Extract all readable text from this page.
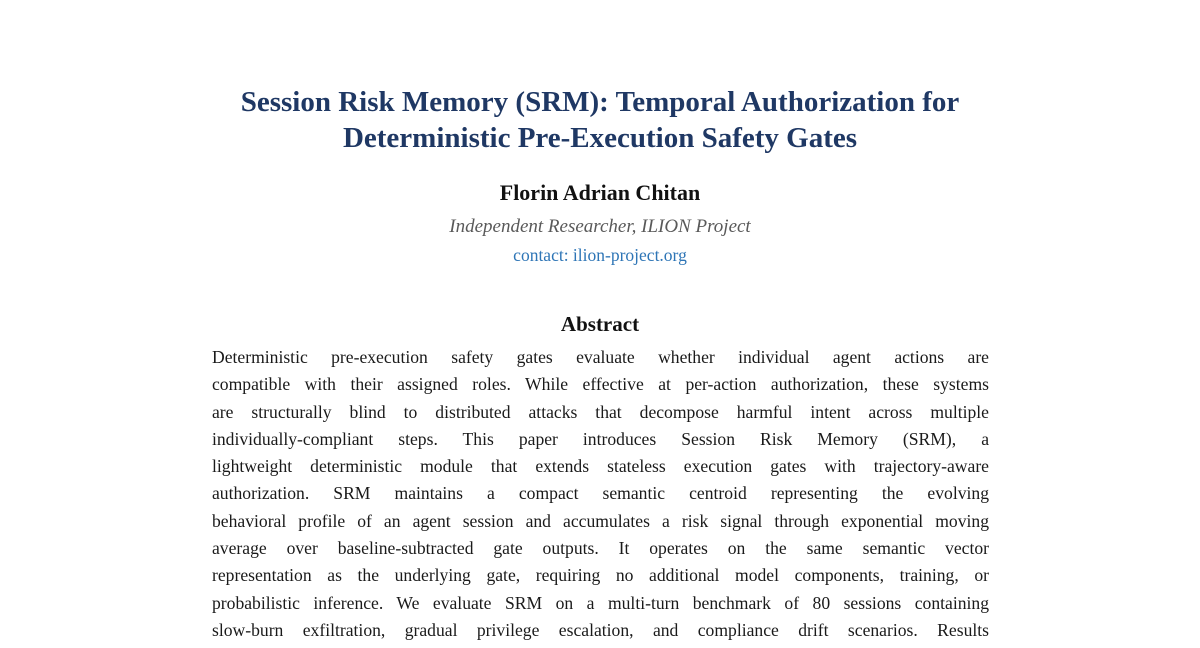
Session Risk Memory (SRM): Temporal Authorization for
Deterministic Pre-Execution Safety Gates
Florin Adrian Chitan
Independent Researcher, ILION Project
contact: ilion-project.org
Abstract
Deterministic pre-execution safety gates evaluate whether individual agent actions are
compatible with their assigned roles. While effective at per-action authorization, these systems
are structurally blind to distributed attacks that decompose harmful intent across multiple
individually-compliant steps. This paper introduces Session Risk Memory (SRM), a
lightweight deterministic module that extends stateless execution gates with trajectory-aware
authorization. SRM maintains a compact semantic centroid representing the evolving
behavioral profile of an agent session and accumulates a risk signal through exponential moving
average over baseline-subtracted gate outputs. It operates on the same semantic vector
representation as the underlying gate, requiring no additional model components, training, or
probabilistic inference. We evaluate SRM on a multi-turn benchmark of 80 sessions containing
slow-burn exfiltration, gradual privilege escalation, and compliance drift scenarios. Results
